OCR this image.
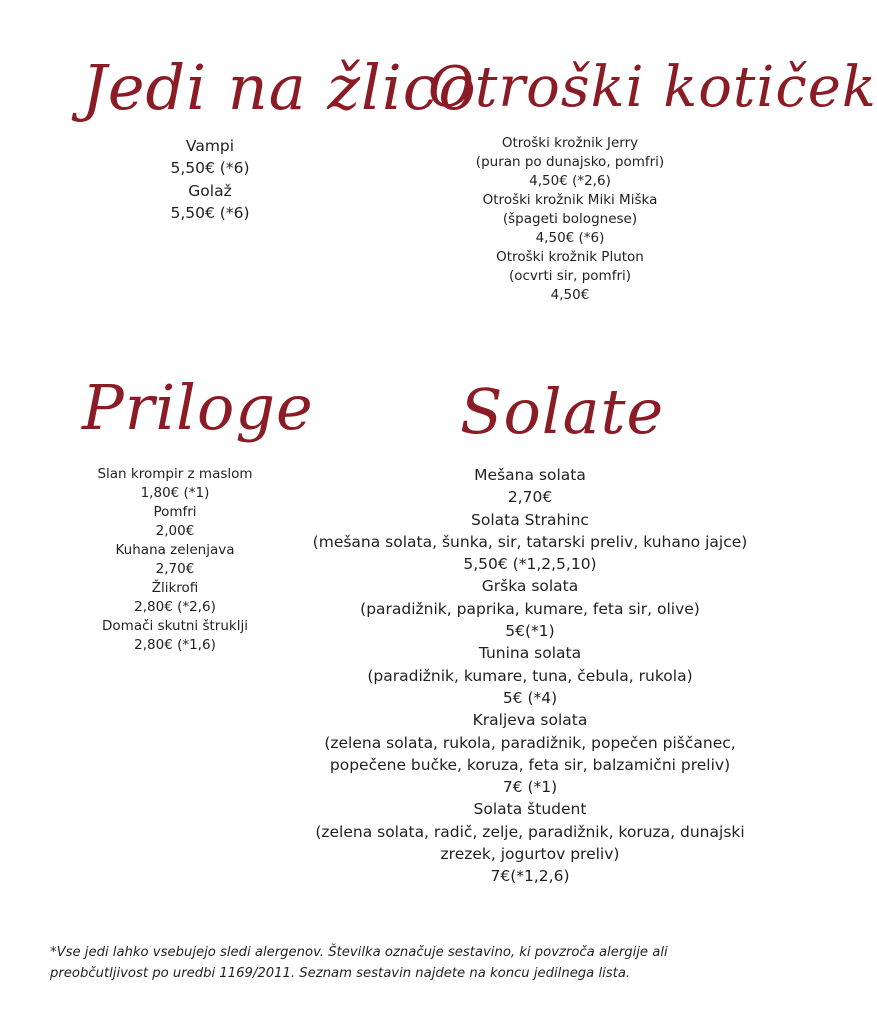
Jedi na žlico
Vampi
5,50€ (*6)
Golaž
5,50€ (*6)
Otroški kotiček
Otroški krožnik Jerry
(puran po dunajsko, pomfri)
4,50€ (*2,6)
Otroški krožnik Miki Miška
(špageti bolognese)
4,50€ (*6)
Otroški krožnik Pluton
(ocvrti sir, pomfri)
4,50€
Priloge
Slan krompir z maslom
1,80€ (*1)
Pomfri
2,00€
Kuhana zelenjava
2,70€
Žlikrofi
2,80€ (*2,6)
Domači skutni štruklji
2,80€ (*1,6)
Solate
Mešana solata
2,70€
Solata Strahinc
(mešana solata, šunka, sir, tatarski preliv, kuhano jajce)
5,50€ (*1,2,5,10)
Grška solata
(paradižnik, paprika, kumare, feta sir, olive)
5€(*1)
Tunina solata
(paradižnik, kumare, tuna, čebula, rukola)
5€ (*4)
Kraljeva solata
(zelena solata, rukola, paradižnik, popečen piščanec,
popečene bučke, koruza, feta sir, balzamični preliv)
7€ (*1)
Solata študent
(zelena solata, radič, zelje, paradižnik, koruza, dunajski
zrezek, jogurtov preliv)
7€(*1,2,6)

*Vse jedi lahko vsebujejo sledi alergenov. Številka označuje sestavino, ki povzroča alergije ali preobčutljivost po uredbi 1169/2011. Seznam sestavin najdete na koncu jedilnega lista.
